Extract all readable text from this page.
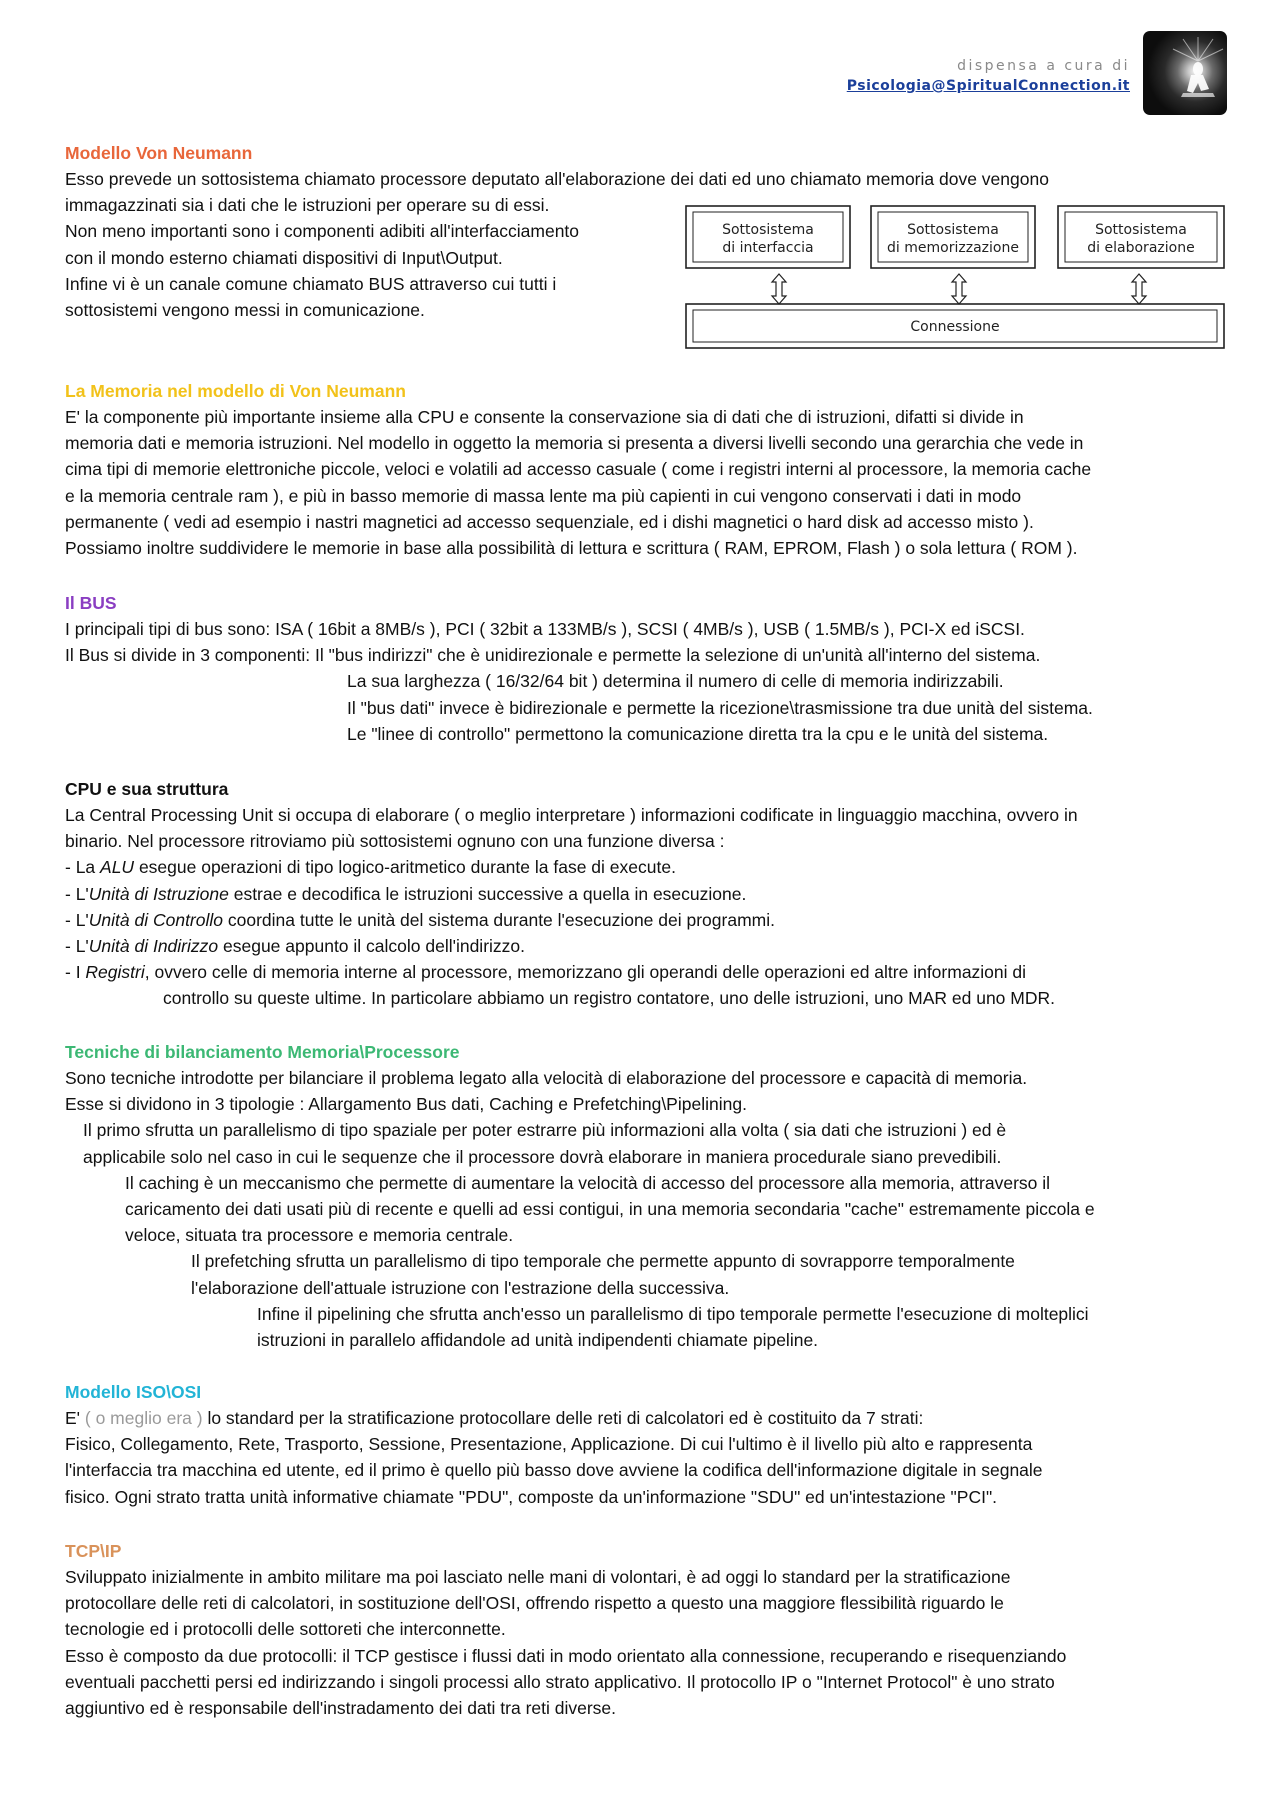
dispensa a cura di
Psicologia@SpiritualConnection.it
Modello Von Neumann
Esso prevede un sottosistema chiamato processore deputato all'elaborazione dei dati ed uno chiamato memoria dove vengono
immagazzinati sia i dati che le istruzioni per operare su di essi.
Non meno importanti sono i componenti adibiti all'interfacciamento
con il mondo esterno chiamati dispositivi di Input\Output.
Infine vi è un canale comune chiamato BUS attraverso cui tutti i
sottosistemi vengono messi in comunicazione.
Sottosistema
di interfaccia
Sottosistema
di memorizzazione
Sottosistema
di elaborazione
Connessione
La Memoria nel modello di Von Neumann
E' la componente più importante insieme alla CPU e consente la conservazione sia di dati che di istruzioni, difatti si divide in
memoria dati e memoria istruzioni. Nel modello in oggetto la memoria si presenta a diversi livelli secondo una gerarchia che vede in
cima tipi di memorie elettroniche piccole, veloci e volatili ad accesso casuale ( come i registri interni al processore, la memoria cache
e la memoria centrale ram ), e più in basso memorie di massa lente ma più capienti in cui vengono conservati i dati in modo
permanente ( vedi ad esempio i nastri magnetici ad accesso sequenziale, ed i dishi magnetici o hard disk ad accesso misto ).
Possiamo inoltre suddividere le memorie in base alla possibilità di lettura e scrittura ( RAM, EPROM, Flash ) o sola lettura ( ROM ).
Il BUS
I principali tipi di bus sono: ISA ( 16bit a 8MB/s ), PCI ( 32bit a 133MB/s ), SCSI ( 4MB/s ), USB ( 1.5MB/s ), PCI-X ed iSCSI.
Il Bus si divide in 3 componenti: Il "bus indirizzi" che è unidirezionale e permette la selezione di un'unità all'interno del sistema.
La sua larghezza ( 16/32/64 bit ) determina il numero di celle di memoria indirizzabili.
Il "bus dati" invece è bidirezionale e permette la ricezione\trasmissione tra due unità del sistema.
Le "linee di controllo" permettono la comunicazione diretta tra la cpu e le unità del sistema.
CPU e sua struttura
La Central Processing Unit si occupa di elaborare ( o meglio interpretare ) informazioni codificate in linguaggio macchina, ovvero in
binario. Nel processore ritroviamo più sottosistemi ognuno con una funzione diversa :
- La ALU esegue operazioni di tipo logico-aritmetico durante la fase di execute.
- L'Unità di Istruzione estrae e decodifica le istruzioni successive a quella in esecuzione.
- L'Unità di Controllo coordina tutte le unità del sistema durante l'esecuzione dei programmi.
- L'Unità di Indirizzo esegue appunto il calcolo dell'indirizzo.
- I Registri, ovvero celle di memoria interne al processore, memorizzano gli operandi delle operazioni ed altre informazioni di
controllo su queste ultime. In particolare abbiamo un registro contatore, uno delle istruzioni, uno MAR ed uno MDR.
Tecniche di bilanciamento Memoria\Processore
Sono tecniche introdotte per bilanciare il problema legato alla velocità di elaborazione del processore e capacità di memoria.
Esse si dividono in 3 tipologie : Allargamento Bus dati, Caching e Prefetching\Pipelining.
Il primo sfrutta un parallelismo di tipo spaziale per poter estrarre più informazioni alla volta ( sia dati che istruzioni ) ed è
applicabile solo nel caso in cui le sequenze che il processore dovrà elaborare in maniera procedurale siano prevedibili.
Il caching è un meccanismo che permette di aumentare la velocità di accesso del processore alla memoria, attraverso il
caricamento dei dati usati più di recente e quelli ad essi contigui, in una memoria secondaria "cache" estremamente piccola e
veloce, situata tra processore e memoria centrale.
Il prefetching sfrutta un parallelismo di tipo temporale che permette appunto di sovrapporre temporalmente
l'elaborazione dell'attuale istruzione con l'estrazione della successiva.
Infine il pipelining che sfrutta anch'esso un parallelismo di tipo temporale permette l'esecuzione di molteplici
istruzioni in parallelo affidandole ad unità indipendenti chiamate pipeline.
Modello ISO\OSI
E' ( o meglio era ) lo standard per la stratificazione protocollare delle reti di calcolatori ed è costituito da 7 strati:
Fisico, Collegamento, Rete, Trasporto, Sessione, Presentazione, Applicazione. Di cui l'ultimo è il livello più alto e rappresenta
l'interfaccia tra macchina ed utente, ed il primo è quello più basso dove avviene la codifica dell'informazione digitale in segnale
fisico. Ogni strato tratta unità informative chiamate "PDU", composte da un'informazione "SDU" ed un'intestazione "PCI".
TCP\IP
Sviluppato inizialmente in ambito militare ma poi lasciato nelle mani di volontari, è ad oggi lo standard per la stratificazione
protocollare delle reti di calcolatori, in sostituzione dell'OSI, offrendo rispetto a questo una maggiore flessibilità riguardo le
tecnologie ed i protocolli delle sottoreti che interconnette.
Esso è composto da due protocolli: il TCP gestisce i flussi dati in modo orientato alla connessione, recuperando e risequenziando
eventuali pacchetti persi ed indirizzando i singoli processi allo strato applicativo. Il protocollo IP o "Internet Protocol" è uno strato
aggiuntivo ed è responsabile dell'instradamento dei dati tra reti diverse.
